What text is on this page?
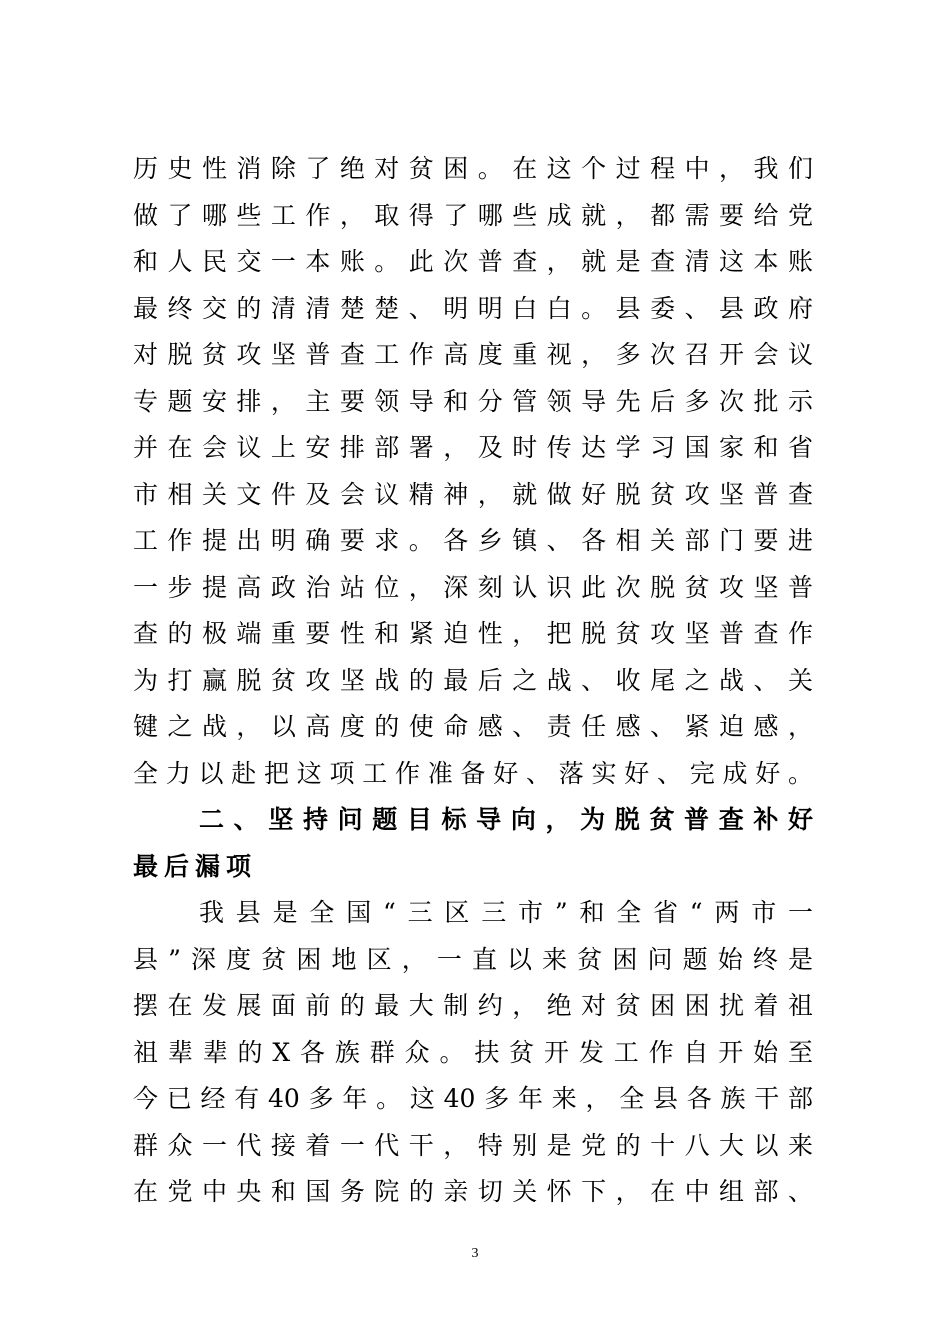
历史性消除了绝对贫困。在这个过程中，我们
做了哪些工作，取得了哪些成就，都需要给党
和人民交一本账。此次普查，就是查清这本账
最终交的清清楚楚、明明白白。县委、县政府
对脱贫攻坚普查工作高度重视，多次召开会议
专题安排，主要领导和分管领导先后多次批示
并在会议上安排部署，及时传达学习国家和省
市相关文件及会议精神，就做好脱贫攻坚普查
工作提出明确要求。各乡镇、各相关部门要进
一步提高政治站位，深刻认识此次脱贫攻坚普
查的极端重要性和紧迫性，把脱贫攻坚普查作
为打赢脱贫攻坚战的最后之战、收尾之战、关
键之战，以高度的使命感、责任感、紧迫感，
全力以赴把这项工作准备好、落实好、完成好。
二、坚持问题目标导向，为脱贫普查补好
最后漏项
我县是全国“三区三市”和全省“两市一
县”深度贫困地区，一直以来贫困问题始终是
摆在发展面前的最大制约，绝对贫困困扰着祖
祖辈辈的X各族群众。扶贫开发工作自开始至
今已经有40多年。这40多年来，全县各族干部
群众一代接着一代干，特别是党的十八大以来
在党中央和国务院的亲切关怀下，在中组部、
3
